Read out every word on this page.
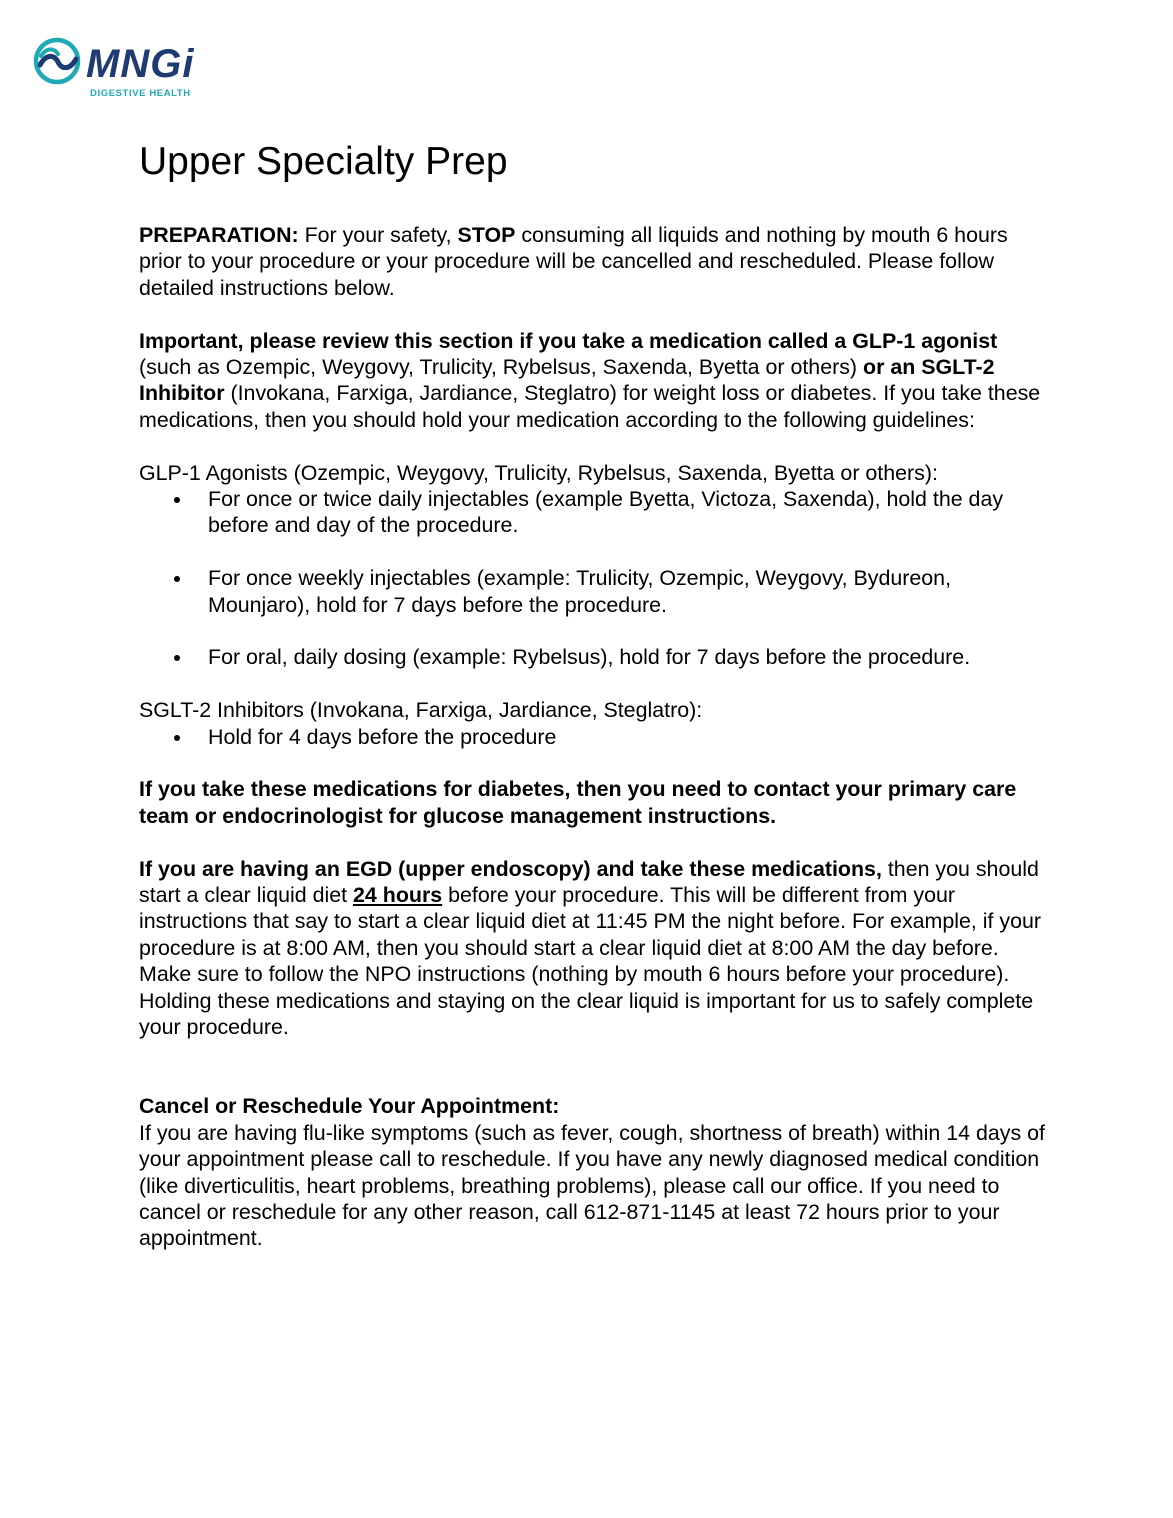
MNGi
DIGESTIVE HEALTH
Upper Specialty Prep

PREPARATION: For your safety, STOP consuming all liquids and nothing by mouth 6 hours prior to your procedure or your procedure will be cancelled and rescheduled. Please follow detailed instructions below.

Important, please review this section if you take a medication called a GLP-1 agonist (such as Ozempic, Weygovy, Trulicity, Rybelsus, Saxenda, Byetta or others) or an SGLT-2 Inhibitor (Invokana, Farxiga, Jardiance, Steglatro) for weight loss or diabetes. If you take these medications, then you should hold your medication according to the following guidelines:

GLP-1 Agonists (Ozempic, Weygovy, Trulicity, Rybelsus, Saxenda, Byetta or others):

For once or twice daily injectables (example Byetta, Victoza, Saxenda), hold the day before and day of the procedure.
For once weekly injectables (example: Trulicity, Ozempic, Weygovy, Bydureon, Mounjaro), hold for 7 days before the procedure.
For oral, daily dosing (example: Rybelsus), hold for 7 days before the procedure.

SGLT-2 Inhibitors (Invokana, Farxiga, Jardiance, Steglatro):

Hold for 4 days before the procedure

If you take these medications for diabetes, then you need to contact your primary care team or endocrinologist for glucose management instructions.

If you are having an EGD (upper endoscopy) and take these medications, then you should start a clear liquid diet 24 hours before your procedure. This will be different from your instructions that say to start a clear liquid diet at 11:45 PM the night before. For example, if your procedure is at 8:00 AM, then you should start a clear liquid diet at 8:00 AM the day before. Make sure to follow the NPO instructions (nothing by mouth 6 hours before your procedure). Holding these medications and staying on the clear liquid is important for us to safely complete your procedure.

Cancel or Reschedule Your Appointment:

If you are having flu-like symptoms (such as fever, cough, shortness of breath) within 14 days of your appointment please call to reschedule. If you have any newly diagnosed medical condition (like diverticulitis, heart problems, breathing problems), please call our office. If you need to cancel or reschedule for any other reason, call 612-871-1145 at least 72 hours prior to your appointment.
